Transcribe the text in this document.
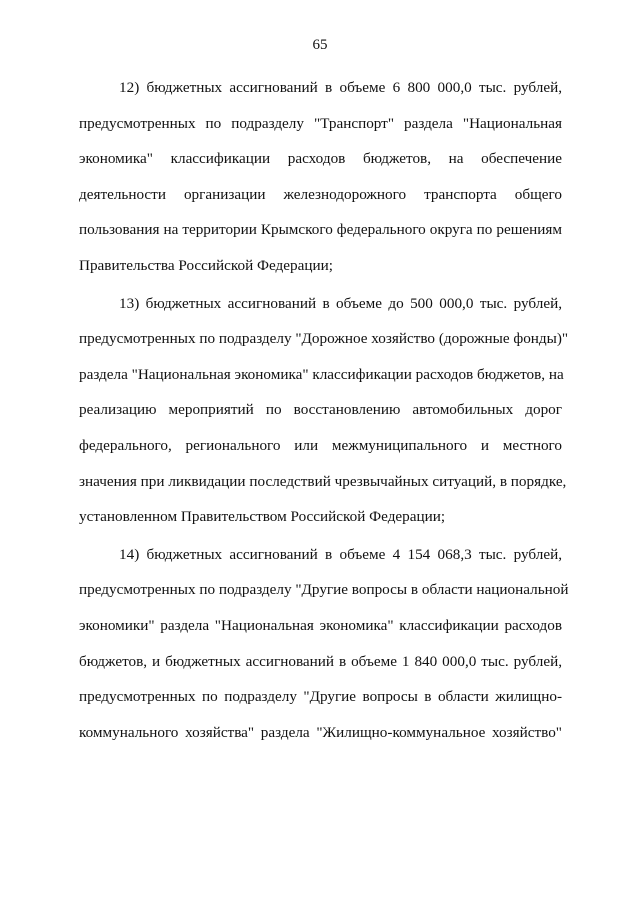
65
12) бюджетных ассигнований в объеме 6 800 000,0 тыс. рублей,
предусмотренных по подразделу "Транспорт" раздела "Национальная
экономика" классификации расходов бюджетов, на обеспечение
деятельности организации железнодорожного транспорта общего
пользования на территории Крымского федерального округа по решениям
Правительства Российской Федерации;
13) бюджетных ассигнований в объеме до 500 000,0 тыс. рублей,
предусмотренных по подразделу "Дорожное хозяйство (дорожные фонды)"
раздела "Национальная экономика" классификации расходов бюджетов, на
реализацию мероприятий по восстановлению автомобильных дорог
федерального, регионального или межмуниципального и местного
значения при ликвидации последствий чрезвычайных ситуаций, в порядке,
установленном Правительством Российской Федерации;
14) бюджетных ассигнований в объеме 4 154 068,3 тыс. рублей,
предусмотренных по подразделу "Другие вопросы в области национальной
экономики" раздела "Национальная экономика" классификации расходов
бюджетов, и бюджетных ассигнований в объеме 1 840 000,0 тыс. рублей,
предусмотренных по подразделу "Другие вопросы в области жилищно-
коммунального хозяйства" раздела "Жилищно-коммунальное хозяйство"
